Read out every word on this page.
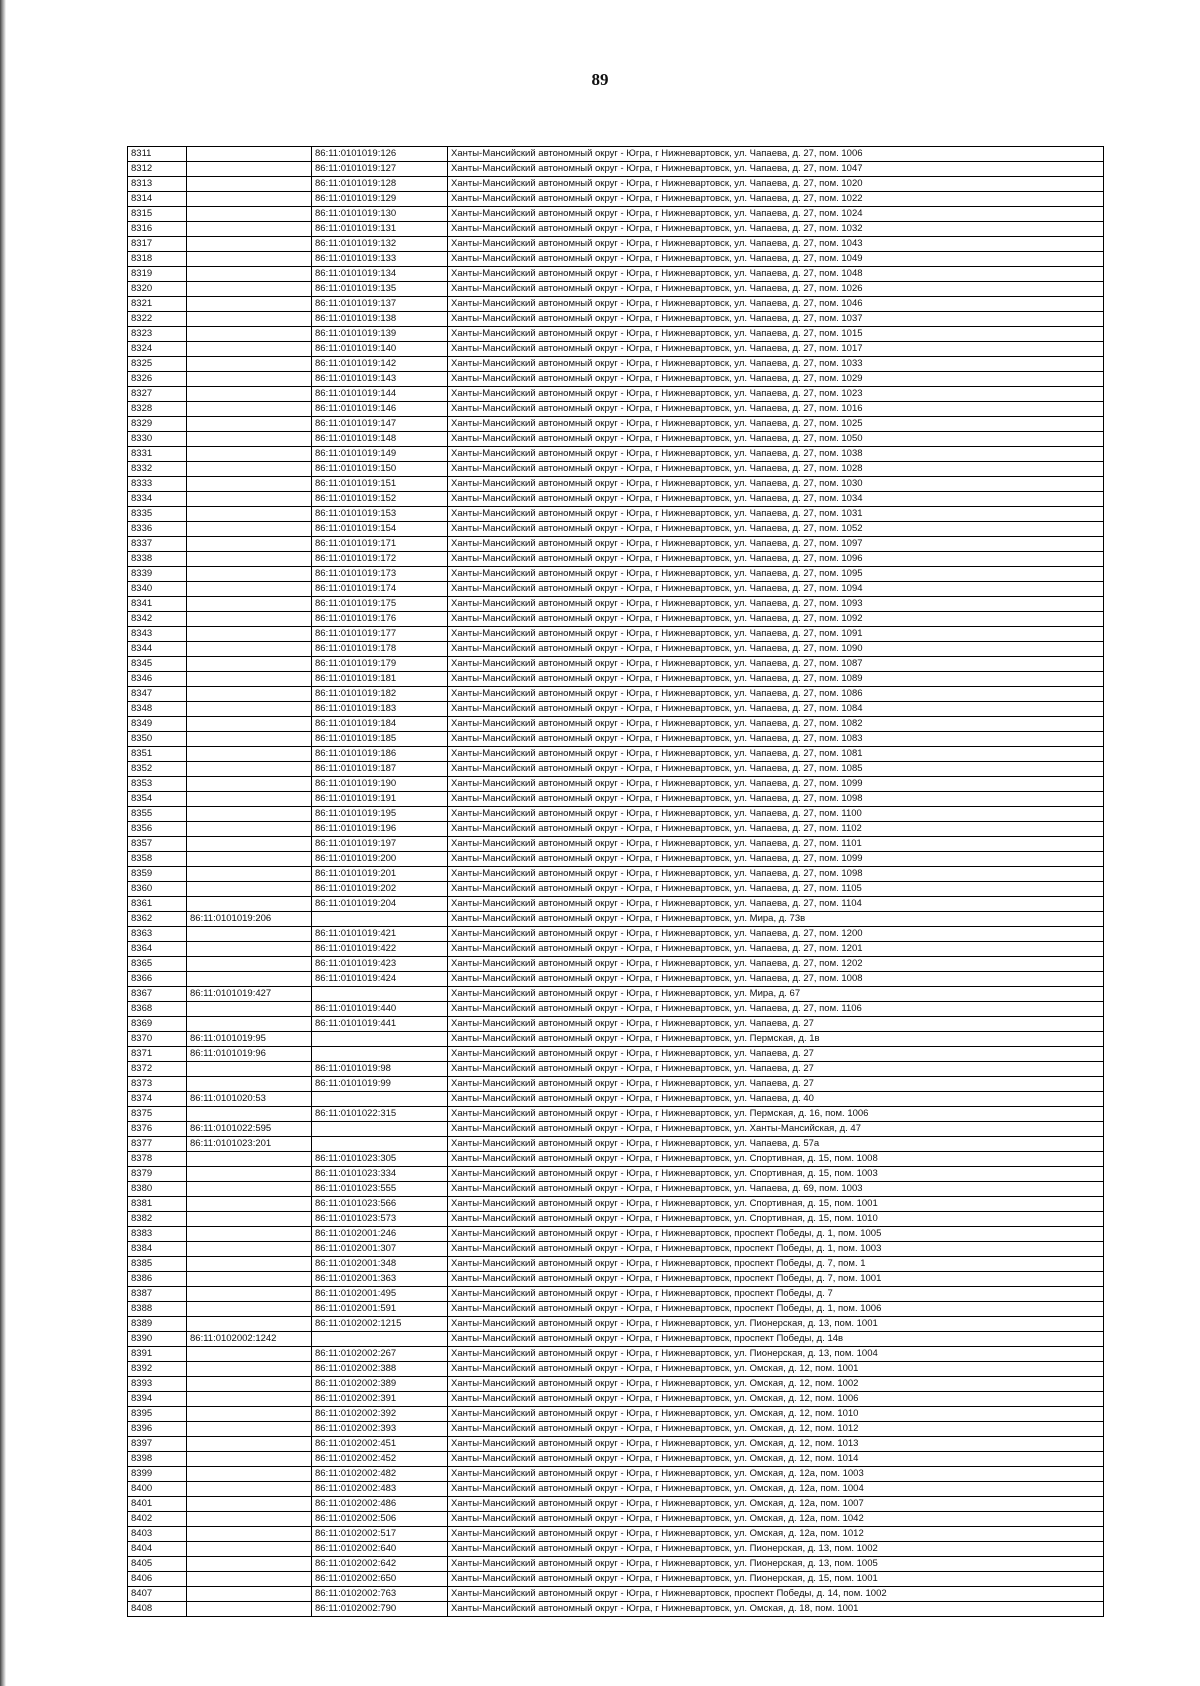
89
8311		86:11:0101019:126	Ханты-Мансийский автономный округ - Югра, г Нижневартовск, ул. Чапаева, д. 27, пом. 1006
8312		86:11:0101019:127	Ханты-Мансийский автономный округ - Югра, г Нижневартовск, ул. Чапаева, д. 27, пом. 1047
8313		86:11:0101019:128	Ханты-Мансийский автономный округ - Югра, г Нижневартовск, ул. Чапаева, д. 27, пом. 1020
8314		86:11:0101019:129	Ханты-Мансийский автономный округ - Югра, г Нижневартовск, ул. Чапаева, д. 27, пом. 1022
8315		86:11:0101019:130	Ханты-Мансийский автономный округ - Югра, г Нижневартовск, ул. Чапаева, д. 27, пом. 1024
8316		86:11:0101019:131	Ханты-Мансийский автономный округ - Югра, г Нижневартовск, ул. Чапаева, д. 27, пом. 1032
8317		86:11:0101019:132	Ханты-Мансийский автономный округ - Югра, г Нижневартовск, ул. Чапаева, д. 27, пом. 1043
8318		86:11:0101019:133	Ханты-Мансийский автономный округ - Югра, г Нижневартовск, ул. Чапаева, д. 27, пом. 1049
8319		86:11:0101019:134	Ханты-Мансийский автономный округ - Югра, г Нижневартовск, ул. Чапаева, д. 27, пом. 1048
8320		86:11:0101019:135	Ханты-Мансийский автономный округ - Югра, г Нижневартовск, ул. Чапаева, д. 27, пом. 1026
8321		86:11:0101019:137	Ханты-Мансийский автономный округ - Югра, г Нижневартовск, ул. Чапаева, д. 27, пом. 1046
8322		86:11:0101019:138	Ханты-Мансийский автономный округ - Югра, г Нижневартовск, ул. Чапаева, д. 27, пом. 1037
8323		86:11:0101019:139	Ханты-Мансийский автономный округ - Югра, г Нижневартовск, ул. Чапаева, д. 27, пом. 1015
8324		86:11:0101019:140	Ханты-Мансийский автономный округ - Югра, г Нижневартовск, ул. Чапаева, д. 27, пом. 1017
8325		86:11:0101019:142	Ханты-Мансийский автономный округ - Югра, г Нижневартовск, ул. Чапаева, д. 27, пом. 1033
8326		86:11:0101019:143	Ханты-Мансийский автономный округ - Югра, г Нижневартовск, ул. Чапаева, д. 27, пом. 1029
8327		86:11:0101019:144	Ханты-Мансийский автономный округ - Югра, г Нижневартовск, ул. Чапаева, д. 27, пом. 1023
8328		86:11:0101019:146	Ханты-Мансийский автономный округ - Югра, г Нижневартовск, ул. Чапаева, д. 27, пом. 1016
8329		86:11:0101019:147	Ханты-Мансийский автономный округ - Югра, г Нижневартовск, ул. Чапаева, д. 27, пом. 1025
8330		86:11:0101019:148	Ханты-Мансийский автономный округ - Югра, г Нижневартовск, ул. Чапаева, д. 27, пом. 1050
8331		86:11:0101019:149	Ханты-Мансийский автономный округ - Югра, г Нижневартовск, ул. Чапаева, д. 27, пом. 1038
8332		86:11:0101019:150	Ханты-Мансийский автономный округ - Югра, г Нижневартовск, ул. Чапаева, д. 27, пом. 1028
8333		86:11:0101019:151	Ханты-Мансийский автономный округ - Югра, г Нижневартовск, ул. Чапаева, д. 27, пом. 1030
8334		86:11:0101019:152	Ханты-Мансийский автономный округ - Югра, г Нижневартовск, ул. Чапаева, д. 27, пом. 1034
8335		86:11:0101019:153	Ханты-Мансийский автономный округ - Югра, г Нижневартовск, ул. Чапаева, д. 27, пом. 1031
8336		86:11:0101019:154	Ханты-Мансийский автономный округ - Югра, г Нижневартовск, ул. Чапаева, д. 27, пом. 1052
8337		86:11:0101019:171	Ханты-Мансийский автономный округ - Югра, г Нижневартовск, ул. Чапаева, д. 27, пом. 1097
8338		86:11:0101019:172	Ханты-Мансийский автономный округ - Югра, г Нижневартовск, ул. Чапаева, д. 27, пом. 1096
8339		86:11:0101019:173	Ханты-Мансийский автономный округ - Югра, г Нижневартовск, ул. Чапаева, д. 27, пом. 1095
8340		86:11:0101019:174	Ханты-Мансийский автономный округ - Югра, г Нижневартовск, ул. Чапаева, д. 27, пом. 1094
8341		86:11:0101019:175	Ханты-Мансийский автономный округ - Югра, г Нижневартовск, ул. Чапаева, д. 27, пом. 1093
8342		86:11:0101019:176	Ханты-Мансийский автономный округ - Югра, г Нижневартовск, ул. Чапаева, д. 27, пом. 1092
8343		86:11:0101019:177	Ханты-Мансийский автономный округ - Югра, г Нижневартовск, ул. Чапаева, д. 27, пом. 1091
8344		86:11:0101019:178	Ханты-Мансийский автономный округ - Югра, г Нижневартовск, ул. Чапаева, д. 27, пом. 1090
8345		86:11:0101019:179	Ханты-Мансийский автономный округ - Югра, г Нижневартовск, ул. Чапаева, д. 27, пом. 1087
8346		86:11:0101019:181	Ханты-Мансийский автономный округ - Югра, г Нижневартовск, ул. Чапаева, д. 27, пом. 1089
8347		86:11:0101019:182	Ханты-Мансийский автономный округ - Югра, г Нижневартовск, ул. Чапаева, д. 27, пом. 1086
8348		86:11:0101019:183	Ханты-Мансийский автономный округ - Югра, г Нижневартовск, ул. Чапаева, д. 27, пом. 1084
8349		86:11:0101019:184	Ханты-Мансийский автономный округ - Югра, г Нижневартовск, ул. Чапаева, д. 27, пом. 1082
8350		86:11:0101019:185	Ханты-Мансийский автономный округ - Югра, г Нижневартовск, ул. Чапаева, д. 27, пом. 1083
8351		86:11:0101019:186	Ханты-Мансийский автономный округ - Югра, г Нижневартовск, ул. Чапаева, д. 27, пом. 1081
8352		86:11:0101019:187	Ханты-Мансийский автономный округ - Югра, г Нижневартовск, ул. Чапаева, д. 27, пом. 1085
8353		86:11:0101019:190	Ханты-Мансийский автономный округ - Югра, г Нижневартовск, ул. Чапаева, д. 27, пом. 1099
8354		86:11:0101019:191	Ханты-Мансийский автономный округ - Югра, г Нижневартовск, ул. Чапаева, д. 27, пом. 1098
8355		86:11:0101019:195	Ханты-Мансийский автономный округ - Югра, г Нижневартовск, ул. Чапаева, д. 27, пом. 1100
8356		86:11:0101019:196	Ханты-Мансийский автономный округ - Югра, г Нижневартовск, ул. Чапаева, д. 27, пом. 1102
8357		86:11:0101019:197	Ханты-Мансийский автономный округ - Югра, г Нижневартовск, ул. Чапаева, д. 27, пом. 1101
8358		86:11:0101019:200	Ханты-Мансийский автономный округ - Югра, г Нижневартовск, ул. Чапаева, д. 27, пом. 1099
8359		86:11:0101019:201	Ханты-Мансийский автономный округ - Югра, г Нижневартовск, ул. Чапаева, д. 27, пом. 1098
8360		86:11:0101019:202	Ханты-Мансийский автономный округ - Югра, г Нижневартовск, ул. Чапаева, д. 27, пом. 1105
8361		86:11:0101019:204	Ханты-Мансийский автономный округ - Югра, г Нижневартовск, ул. Чапаева, д. 27, пом. 1104
8362	86:11:0101019:206		Ханты-Мансийский автономный округ - Югра, г Нижневартовск, ул. Мира, д. 73в
8363		86:11:0101019:421	Ханты-Мансийский автономный округ - Югра, г Нижневартовск, ул. Чапаева, д. 27, пом. 1200
8364		86:11:0101019:422	Ханты-Мансийский автономный округ - Югра, г Нижневартовск, ул. Чапаева, д. 27, пом. 1201
8365		86:11:0101019:423	Ханты-Мансийский автономный округ - Югра, г Нижневартовск, ул. Чапаева, д. 27, пом. 1202
8366		86:11:0101019:424	Ханты-Мансийский автономный округ - Югра, г Нижневартовск, ул. Чапаева, д. 27, пом. 1008
8367	86:11:0101019:427		Ханты-Мансийский автономный округ - Югра, г Нижневартовск, ул. Мира, д. 67
8368		86:11:0101019:440	Ханты-Мансийский автономный округ - Югра, г Нижневартовск, ул. Чапаева, д. 27, пом. 1106
8369		86:11:0101019:441	Ханты-Мансийский автономный округ - Югра, г Нижневартовск, ул. Чапаева, д. 27
8370	86:11:0101019:95		Ханты-Мансийский автономный округ - Югра, г Нижневартовск, ул. Пермская, д. 1в
8371	86:11:0101019:96		Ханты-Мансийский автономный округ - Югра, г Нижневартовск, ул. Чапаева, д. 27
8372		86:11:0101019:98	Ханты-Мансийский автономный округ - Югра, г Нижневартовск, ул. Чапаева, д. 27
8373		86:11:0101019:99	Ханты-Мансийский автономный округ - Югра, г Нижневартовск, ул. Чапаева, д. 27
8374	86:11:0101020:53		Ханты-Мансийский автономный округ - Югра, г Нижневартовск, ул. Чапаева, д. 40
8375		86:11:0101022:315	Ханты-Мансийский автономный округ - Югра, г Нижневартовск, ул. Пермская, д. 16, пом. 1006
8376	86:11:0101022:595		Ханты-Мансийский автономный округ - Югра, г Нижневартовск, ул. Ханты-Мансийская, д. 47
8377	86:11:0101023:201		Ханты-Мансийский автономный округ - Югра, г Нижневартовск, ул. Чапаева, д. 57а
8378		86:11:0101023:305	Ханты-Мансийский автономный округ - Югра, г Нижневартовск, ул. Спортивная, д. 15, пом. 1008
8379		86:11:0101023:334	Ханты-Мансийский автономный округ - Югра, г Нижневартовск, ул. Спортивная, д. 15, пом. 1003
8380		86:11:0101023:555	Ханты-Мансийский автономный округ - Югра, г Нижневартовск, ул. Чапаева, д. 69, пом. 1003
8381		86:11:0101023:566	Ханты-Мансийский автономный округ - Югра, г Нижневартовск, ул. Спортивная, д. 15, пом. 1001
8382		86:11:0101023:573	Ханты-Мансийский автономный округ - Югра, г Нижневартовск, ул. Спортивная, д. 15, пом. 1010
8383		86:11:0102001:246	Ханты-Мансийский автономный округ - Югра, г Нижневартовск, проспект Победы, д. 1, пом. 1005
8384		86:11:0102001:307	Ханты-Мансийский автономный округ - Югра, г Нижневартовск, проспект Победы, д. 1, пом. 1003
8385		86:11:0102001:348	Ханты-Мансийский автономный округ - Югра, г Нижневартовск, проспект Победы, д. 7, пом. 1
8386		86:11:0102001:363	Ханты-Мансийский автономный округ - Югра, г Нижневартовск, проспект Победы, д. 7, пом. 1001
8387		86:11:0102001:495	Ханты-Мансийский автономный округ - Югра, г Нижневартовск, проспект Победы, д. 7
8388		86:11:0102001:591	Ханты-Мансийский автономный округ - Югра, г Нижневартовск, проспект Победы, д. 1, пом. 1006
8389		86:11:0102002:1215	Ханты-Мансийский автономный округ - Югра, г Нижневартовск, ул. Пионерская, д. 13, пом. 1001
8390	86:11:0102002:1242		Ханты-Мансийский автономный округ - Югра, г Нижневартовск, проспект Победы, д. 14в
8391		86:11:0102002:267	Ханты-Мансийский автономный округ - Югра, г Нижневартовск, ул. Пионерская, д. 13, пом. 1004
8392		86:11:0102002:388	Ханты-Мансийский автономный округ - Югра, г Нижневартовск, ул. Омская, д. 12, пом. 1001
8393		86:11:0102002:389	Ханты-Мансийский автономный округ - Югра, г Нижневартовск, ул. Омская, д. 12, пом. 1002
8394		86:11:0102002:391	Ханты-Мансийский автономный округ - Югра, г Нижневартовск, ул. Омская, д. 12, пом. 1006
8395		86:11:0102002:392	Ханты-Мансийский автономный округ - Югра, г Нижневартовск, ул. Омская, д. 12, пом. 1010
8396		86:11:0102002:393	Ханты-Мансийский автономный округ - Югра, г Нижневартовск, ул. Омская, д. 12, пом. 1012
8397		86:11:0102002:451	Ханты-Мансийский автономный округ - Югра, г Нижневартовск, ул. Омская, д. 12, пом. 1013
8398		86:11:0102002:452	Ханты-Мансийский автономный округ - Югра, г Нижневартовск, ул. Омская, д. 12, пом. 1014
8399		86:11:0102002:482	Ханты-Мансийский автономный округ - Югра, г Нижневартовск, ул. Омская, д. 12а, пом. 1003
8400		86:11:0102002:483	Ханты-Мансийский автономный округ - Югра, г Нижневартовск, ул. Омская, д. 12а, пом. 1004
8401		86:11:0102002:486	Ханты-Мансийский автономный округ - Югра, г Нижневартовск, ул. Омская, д. 12а, пом. 1007
8402		86:11:0102002:506	Ханты-Мансийский автономный округ - Югра, г Нижневартовск, ул. Омская, д. 12а, пом. 1042
8403		86:11:0102002:517	Ханты-Мансийский автономный округ - Югра, г Нижневартовск, ул. Омская, д. 12а, пом. 1012
8404		86:11:0102002:640	Ханты-Мансийский автономный округ - Югра, г Нижневартовск, ул. Пионерская, д. 13, пом. 1002
8405		86:11:0102002:642	Ханты-Мансийский автономный округ - Югра, г Нижневартовск, ул. Пионерская, д. 13, пом. 1005
8406		86:11:0102002:650	Ханты-Мансийский автономный округ - Югра, г Нижневартовск, ул. Пионерская, д. 15, пом. 1001
8407		86:11:0102002:763	Ханты-Мансийский автономный округ - Югра, г Нижневартовск, проспект Победы, д. 14, пом. 1002
8408		86:11:0102002:790	Ханты-Мансийский автономный округ - Югра, г Нижневартовск, ул. Омская, д. 18, пом. 1001
